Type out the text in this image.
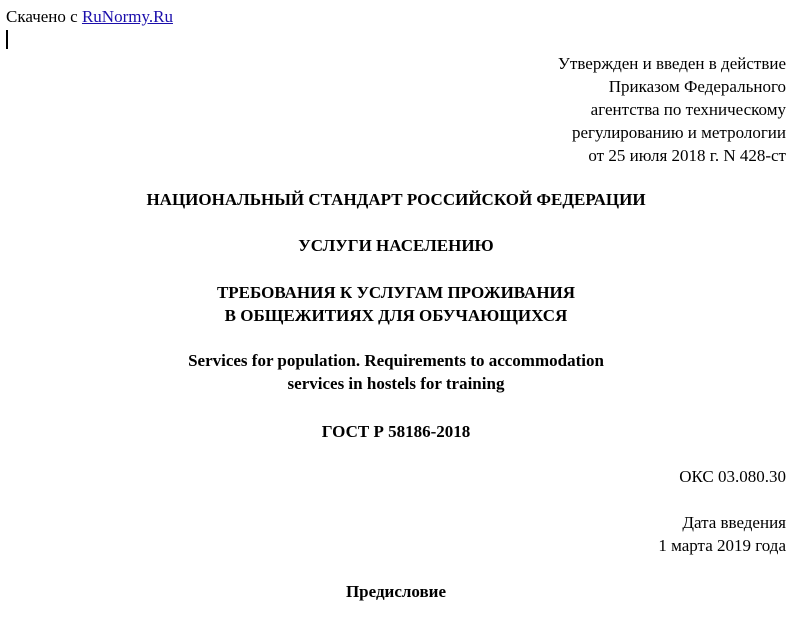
Скачено с RuNormy.Ru
Утвержден и введен в действие
Приказом Федерального
агентства по техническому
регулированию и метрологии
от 25 июля 2018 г. N 428-ст
НАЦИОНАЛЬНЫЙ СТАНДАРТ РОССИЙСКОЙ ФЕДЕРАЦИИ
УСЛУГИ НАСЕЛЕНИЮ
ТРЕБОВАНИЯ К УСЛУГАМ ПРОЖИВАНИЯ
В ОБЩЕЖИТИЯХ ДЛЯ ОБУЧАЮЩИХСЯ
Services for population. Requirements to accommodation
services in hostels for training
ГОСТ Р 58186-2018
ОКС 03.080.30
Дата введения
1 марта 2019 года
Предисловие
